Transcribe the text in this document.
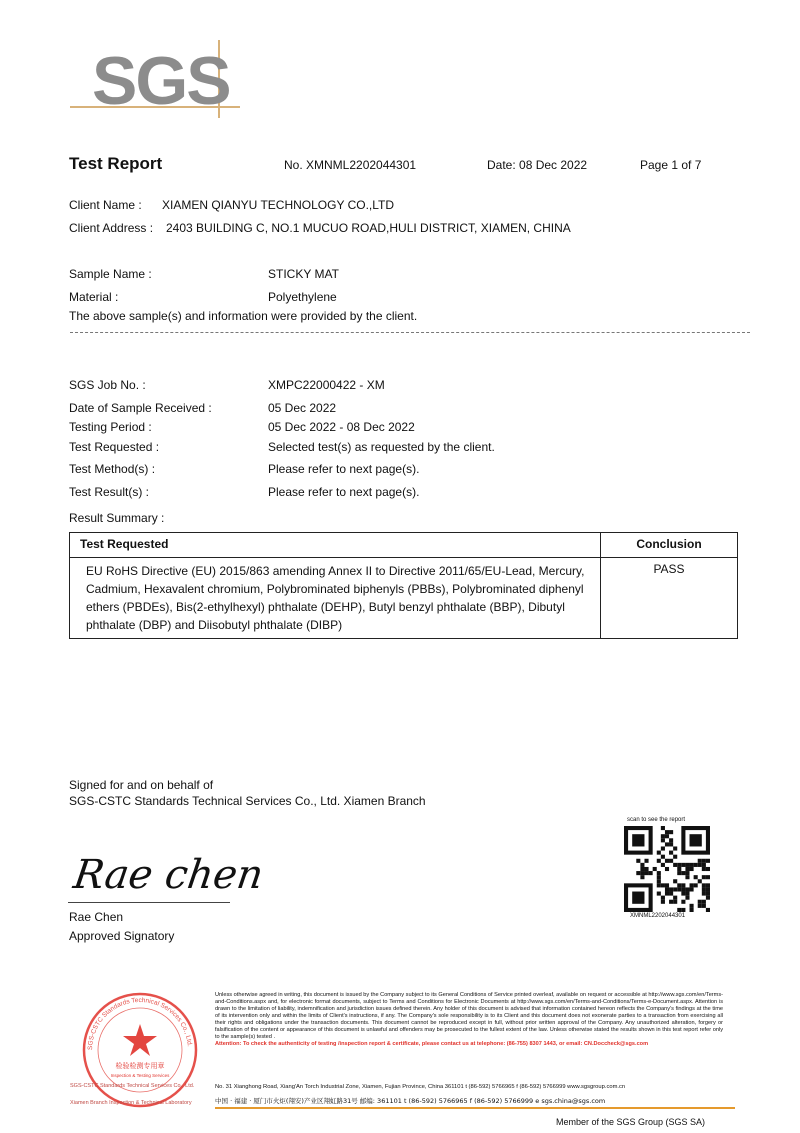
SGS
Test Report	No. XMNML2202044301	Date: 08 Dec 2022	Page 1 of 7
Client Name : XIAMEN QIANYU TECHNOLOGY CO.,LTD
Client Address : 2403 BUILDING C, NO.1 MUCUO ROAD,HULI DISTRICT, XIAMEN, CHINA
Sample Name :	STICKY MAT
Material :	Polyethylene
The above sample(s) and information were provided by the client.
SGS Job No. :	XMPC22000422 - XM
Date of Sample Received :	05 Dec 2022
Testing Period :	05 Dec 2022 - 08 Dec 2022
Test Requested :	Selected test(s) as requested by the client.
Test Method(s) :	Please refer to next page(s).
Test Result(s) :	Please refer to next page(s).
Result Summary :
Test Requested	Conclusion
EU RoHS Directive (EU) 2015/863 amending Annex II to Directive 2011/65/EU-Lead, Mercury, Cadmium, Hexavalent chromium, Polybrominated biphenyls (PBBs), Polybrominated diphenyl ethers (PBDEs), Bis(2-ethylhexyl) phthalate (DEHP), Butyl benzyl phthalate (BBP), Dibutyl phthalate (DBP) and Diisobutyl phthalate (DIBP)	PASS
Signed for and on behalf of
SGS-CSTC Standards Technical Services Co., Ltd. Xiamen Branch
Rae chen
Rae Chen
Approved Signatory
scan to see the report
XMNML2202044301
SGS-CSTC Standards Technical Services Co., Ltd.
检验检测专用章
Inspection & Testing Services
SGS-CSTC Standards Technical Services Co., Ltd.
Xiamen Branch Inspection & Technical Laboratory
Unless otherwise agreed in writing, this document is issued by the Company subject to its General Conditions of Service printed overleaf, available on request or accessible at http://www.sgs.com/en/Terms-and-Conditions.aspx and, for electronic format documents, subject to Terms and Conditions for Electronic Documents at http://www.sgs.com/en/Terms-and-Conditions/Terms-e-Document.aspx. Attention is drawn to the limitation of liability, indemnification and jurisdiction issues defined therein. Any holder of this document is advised that information contained hereon reflects the Company's findings at the time of its intervention only and within the limits of Client's instructions, if any. The Company's sole responsibility is to its Client and this document does not exonerate parties to a transaction from exercising all their rights and obligations under the transaction documents. This document cannot be reproduced except in full, without prior written approval of the Company. Any unauthorized alteration, forgery or falsification of the content or appearance of this document is unlawful and offenders may be prosecuted to the fullest extent of the law. Unless otherwise stated the results shown in this test report refer only to the sample(s) tested .
Attention: To check the authenticity of testing /inspection report & certificate, please contact us at telephone: (86-755) 8307 1443, or email: CN.Doccheck@sgs.com
No. 31 Xianghong Road, Xiang'An Torch Industrial Zone, Xiamen, Fujian Province, China 361101 t (86-592) 5766965 f (86-592) 5766999 www.sgsgroup.com.cn
中国 · 福建 · 厦门市火炬(翔安)产业区翔虹路31号 邮编: 361101 t (86-592) 5766965 f (86-592) 5766999 e sgs.china@sgs.com
Member of the SGS Group (SGS SA)
